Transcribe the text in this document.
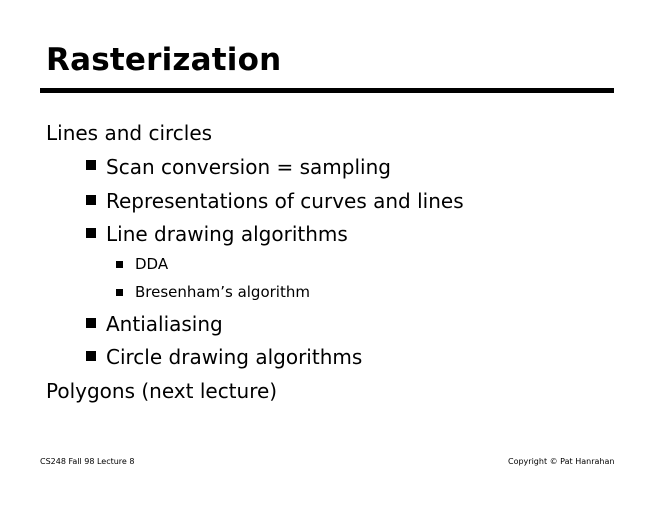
Rasterization
Lines and circles
Scan conversion = sampling
Representations of curves and lines
Line drawing algorithms
DDA
Bresenham’s algorithm
Antialiasing
Circle drawing algorithms
Polygons (next lecture)
CS248 Fall 98 Lecture 8	Copyright © Pat Hanrahan
